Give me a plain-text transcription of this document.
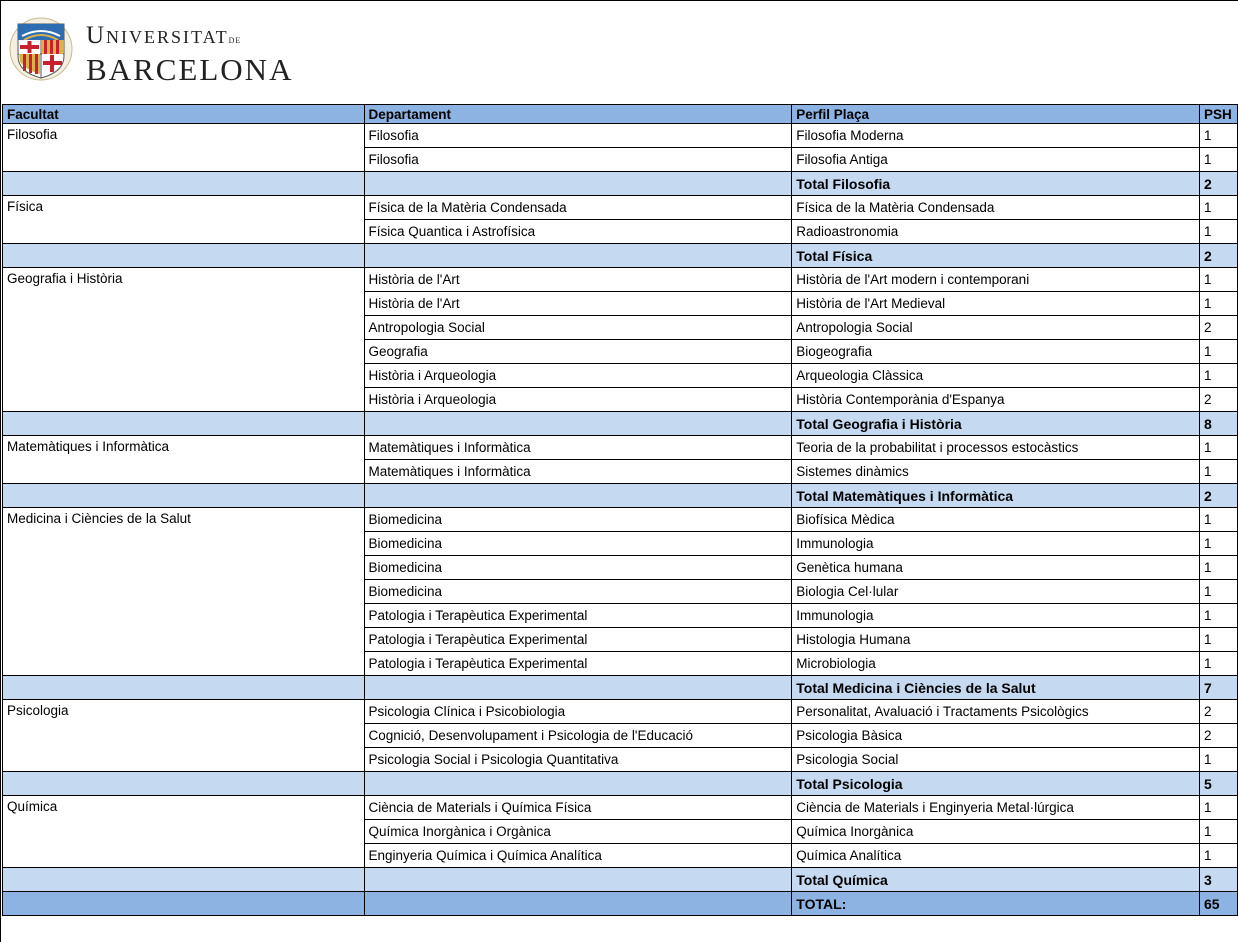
Universitatde
BARCELONA
Facultat	Departament	Perfil Plaça	PSH
Filosofia	Filosofia	Filosofia Moderna	1
	Filosofia	Filosofia Antiga	1
		Total Filosofia	2
Física	Física de la Matèria Condensada	Física de la Matèria Condensada	1
	Física Quantica i Astrofísica	Radioastronomia	1
		Total Física	2
Geografia i Història	Història de l'Art	Història de l'Art modern i contemporani	1
	Història de l'Art	Història de l'Art Medieval	1
	Antropologia Social	Antropologia Social	2
	Geografia	Biogeografia	1
	Història i Arqueologia	Arqueologia Clàssica	1
	Història i Arqueologia	Història Contemporània d'Espanya	2
		Total Geografia i Història	8
Matemàtiques i Informàtica	Matemàtiques i Informàtica	Teoria de la probabilitat i processos estocàstics	1
	Matemàtiques i Informàtica	Sistemes dinàmics	1
		Total Matemàtiques i Informàtica	2
Medicina i Ciències de la Salut	Biomedicina	Biofísica Mèdica	1
	Biomedicina	Immunologia	1
	Biomedicina	Genètica humana	1
	Biomedicina	Biologia Cel·lular	1
	Patologia i Terapèutica Experimental	Immunologia	1
	Patologia i Terapèutica Experimental	Histologia Humana	1
	Patologia i Terapèutica Experimental	Microbiologia	1
		Total Medicina i Ciències de la Salut	7
Psicologia	Psicologia Clínica i Psicobiologia	Personalitat, Avaluació i Tractaments Psicològics	2
	Cognició, Desenvolupament i Psicologia de l'Educació	Psicologia Bàsica	2
	Psicologia Social i Psicologia Quantitativa	Psicologia Social	1
		Total Psicologia	5
Química	Ciència de Materials i Química Física	Ciència de Materials i Enginyeria Metal·lúrgica	1
	Química Inorgànica i Orgànica	Química Inorgànica	1
	Enginyeria Química i Química Analítica	Química Analítica	1
		Total Química	3
		TOTAL:	65
